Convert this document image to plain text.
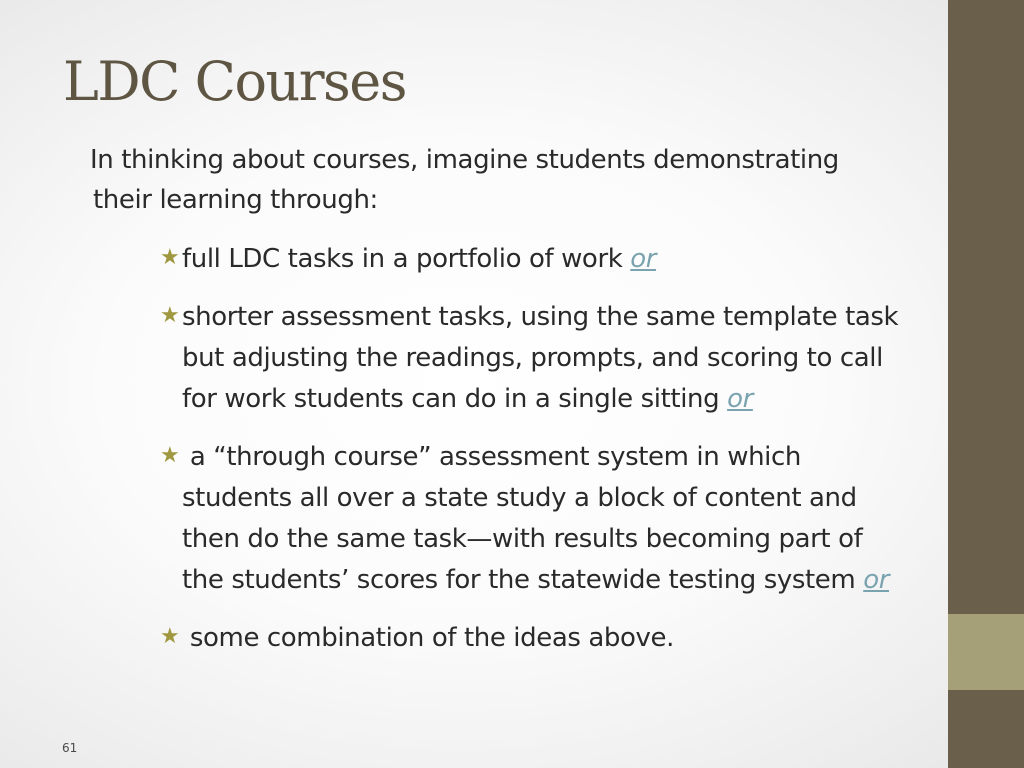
LDC Courses

In thinking about courses, imagine students demonstrating
their learning through:

★ full LDC tasks in a portfolio of work or

★ shorter assessment tasks, using the same template task
but adjusting the readings, prompts, and scoring to call
for work students can do in a single sitting or

★ a “through course” assessment system in which
students all over a state study a block of content and
then do the same task—with results becoming part of
the students’ scores for the statewide testing system or

★ some combination of the ideas above.

61
